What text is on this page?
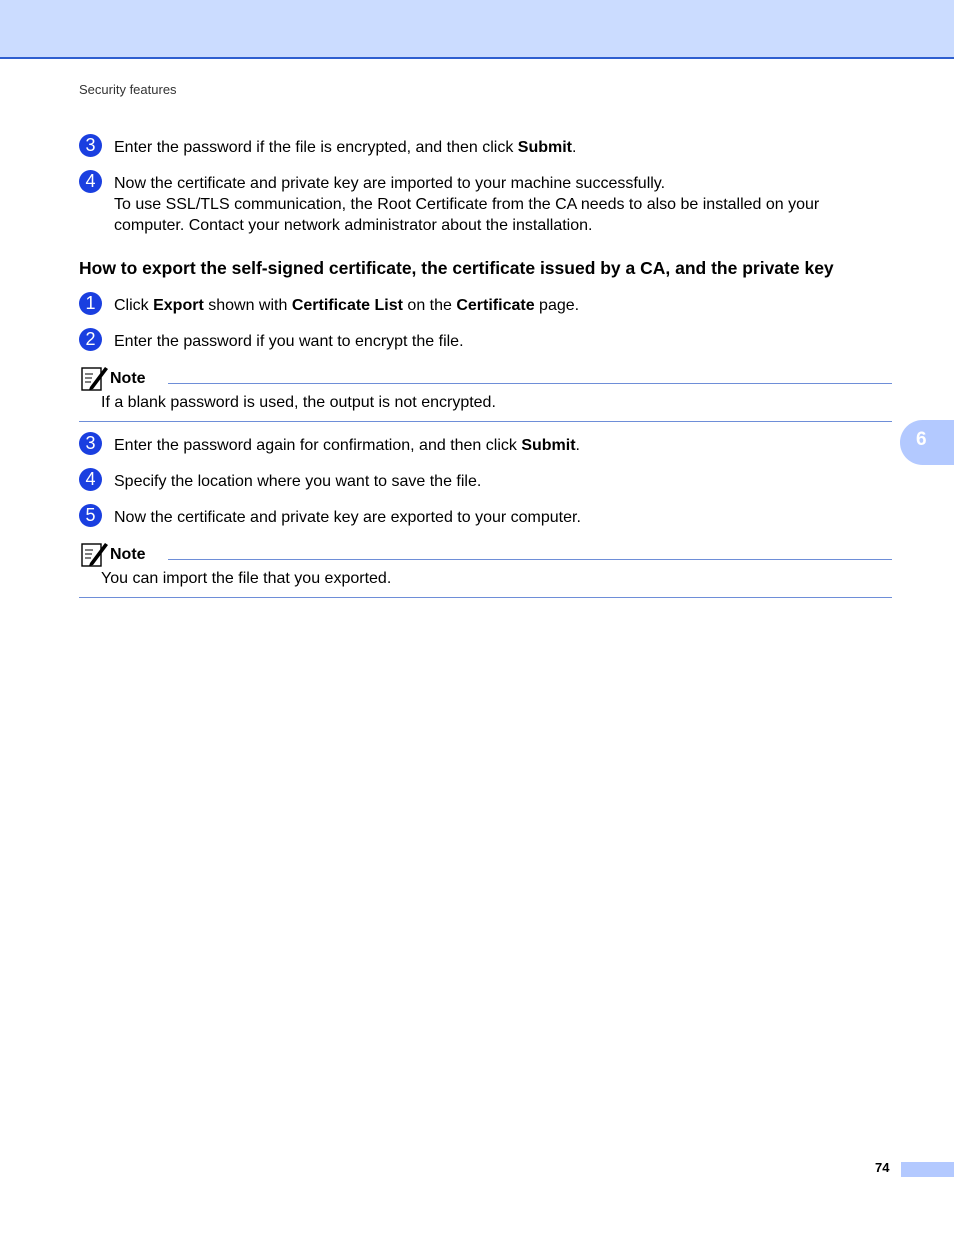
Security features
3	Enter the password if the file is encrypted, and then click Submit.

4	Now the certificate and private key are imported to your machine successfully.

To use SSL/TLS communication, the Root Certificate from the CA needs to also be installed on your computer. Contact your network administrator about the installation.

How to export the self-signed certificate, the certificate issued by a CA, and the private key
1	Click Export shown with Certificate List on the Certificate page.

2	Enter the password if you want to encrypt the file.

Note
If a blank password is used, the output is not encrypted.
3	Enter the password again for confirmation, and then click Submit.

4	Specify the location where you want to save the file.

5	Now the certificate and private key are exported to your computer.

Note
You can import the file that you exported.
6
74
